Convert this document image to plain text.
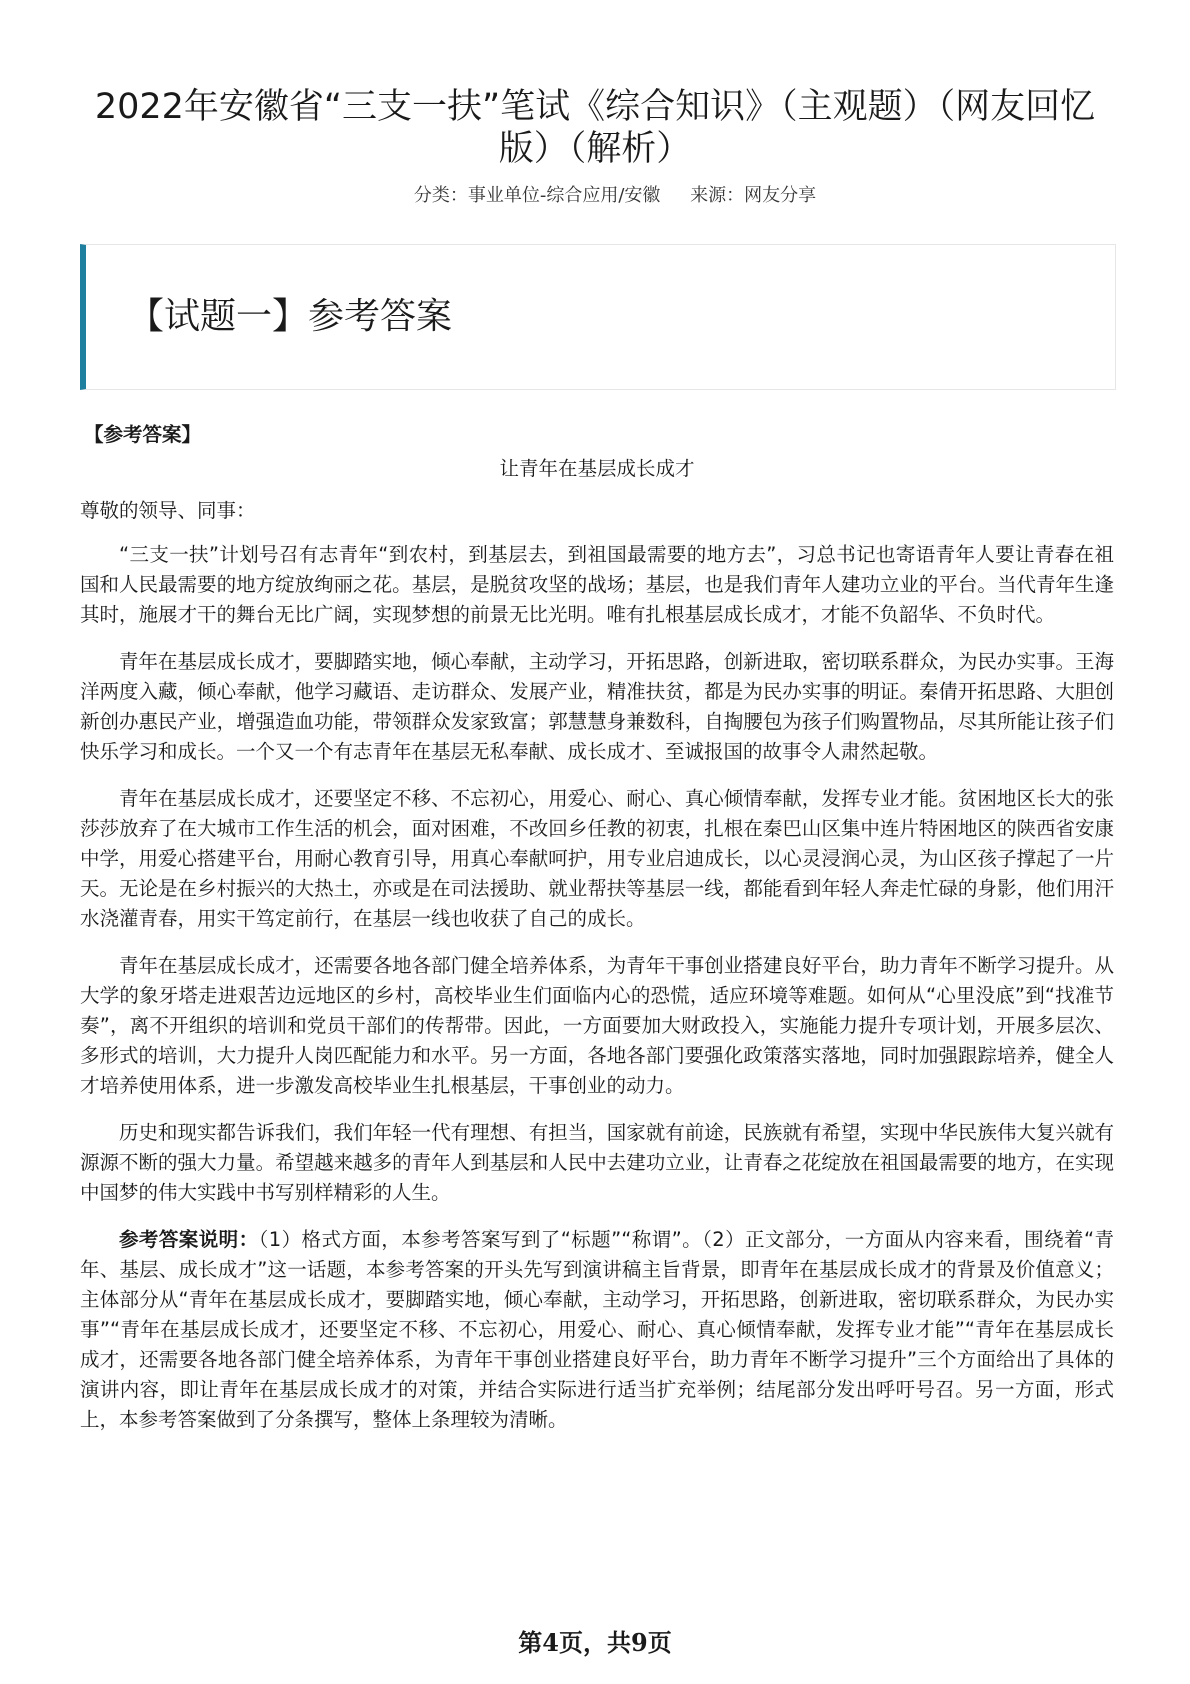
2022年安徽省“三支一扶”笔试《综合知识》（主观题）（网友回忆版）（解析）
分类：事业单位-综合应用/安徽 来源：网友分享
【试题一】参考答案

【参考答案】

让青年在基层成长成才

尊敬的领导、同事：

“三支一扶”计划号召有志青年“到农村，到基层去，到祖国最需要的地方去”，习总书记也寄语青年人要让青春在祖国和人民最需要的地方绽放绚丽之花。基层，是脱贫攻坚的战场；基层，也是我们青年人建功立业的平台。当代青年生逢其时，施展才干的舞台无比广阔，实现梦想的前景无比光明。唯有扎根基层成长成才，才能不负韶华、不负时代。

青年在基层成长成才，要脚踏实地，倾心奉献，主动学习，开拓思路，创新进取，密切联系群众，为民办实事。王海洋两度入藏，倾心奉献，他学习藏语、走访群众、发展产业，精准扶贫，都是为民办实事的明证。秦倩开拓思路、大胆创新创办惠民产业，增强造血功能，带领群众发家致富；郭慧慧身兼数科，自掏腰包为孩子们购置物品，尽其所能让孩子们快乐学习和成长。一个又一个有志青年在基层无私奉献、成长成才、至诚报国的故事令人肃然起敬。

青年在基层成长成才，还要坚定不移、不忘初心，用爱心、耐心、真心倾情奉献，发挥专业才能。贫困地区长大的张莎莎放弃了在大城市工作生活的机会，面对困难，不改回乡任教的初衷，扎根在秦巴山区集中连片特困地区的陕西省安康中学，用爱心搭建平台，用耐心教育引导，用真心奉献呵护，用专业启迪成长，以心灵浸润心灵，为山区孩子撑起了一片天。无论是在乡村振兴的大热土，亦或是在司法援助、就业帮扶等基层一线，都能看到年轻人奔走忙碌的身影，他们用汗水浇灌青春，用实干笃定前行，在基层一线也收获了自己的成长。

青年在基层成长成才，还需要各地各部门健全培养体系，为青年干事创业搭建良好平台，助力青年不断学习提升。从大学的象牙塔走进艰苦边远地区的乡村，高校毕业生们面临内心的恐慌，适应环境等难题。如何从“心里没底”到“找准节奏”，离不开组织的培训和党员干部们的传帮带。因此，一方面要加大财政投入，实施能力提升专项计划，开展多层次、多形式的培训，大力提升人岗匹配能力和水平。另一方面，各地各部门要强化政策落实落地，同时加强跟踪培养，健全人才培养使用体系，进一步激发高校毕业生扎根基层，干事创业的动力。

历史和现实都告诉我们，我们年轻一代有理想、有担当，国家就有前途，民族就有希望，实现中华民族伟大复兴就有源源不断的强大力量。希望越来越多的青年人到基层和人民中去建功立业，让青春之花绽放在祖国最需要的地方，在实现中国梦的伟大实践中书写别样精彩的人生。

参考答案说明：（1）格式方面，本参考答案写到了“标题”“称谓”。（2）正文部分，一方面从内容来看，围绕着“青年、基层、成长成才”这一话题，本参考答案的开头先写到演讲稿主旨背景，即青年在基层成长成才的背景及价值意义；主体部分从“青年在基层成长成才，要脚踏实地，倾心奉献，主动学习，开拓思路，创新进取，密切联系群众，为民办实事”“青年在基层成长成才，还要坚定不移、不忘初心，用爱心、耐心、真心倾情奉献，发挥专业才能”“青年在基层成长成才，还需要各地各部门健全培养体系，为青年干事创业搭建良好平台，助力青年不断学习提升”三个方面给出了具体的演讲内容，即让青年在基层成长成才的对策，并结合实际进行适当扩充举例；结尾部分发出呼吁号召。另一方面，形式上，本参考答案做到了分条撰写，整体上条理较为清晰。

第4页，共9页
